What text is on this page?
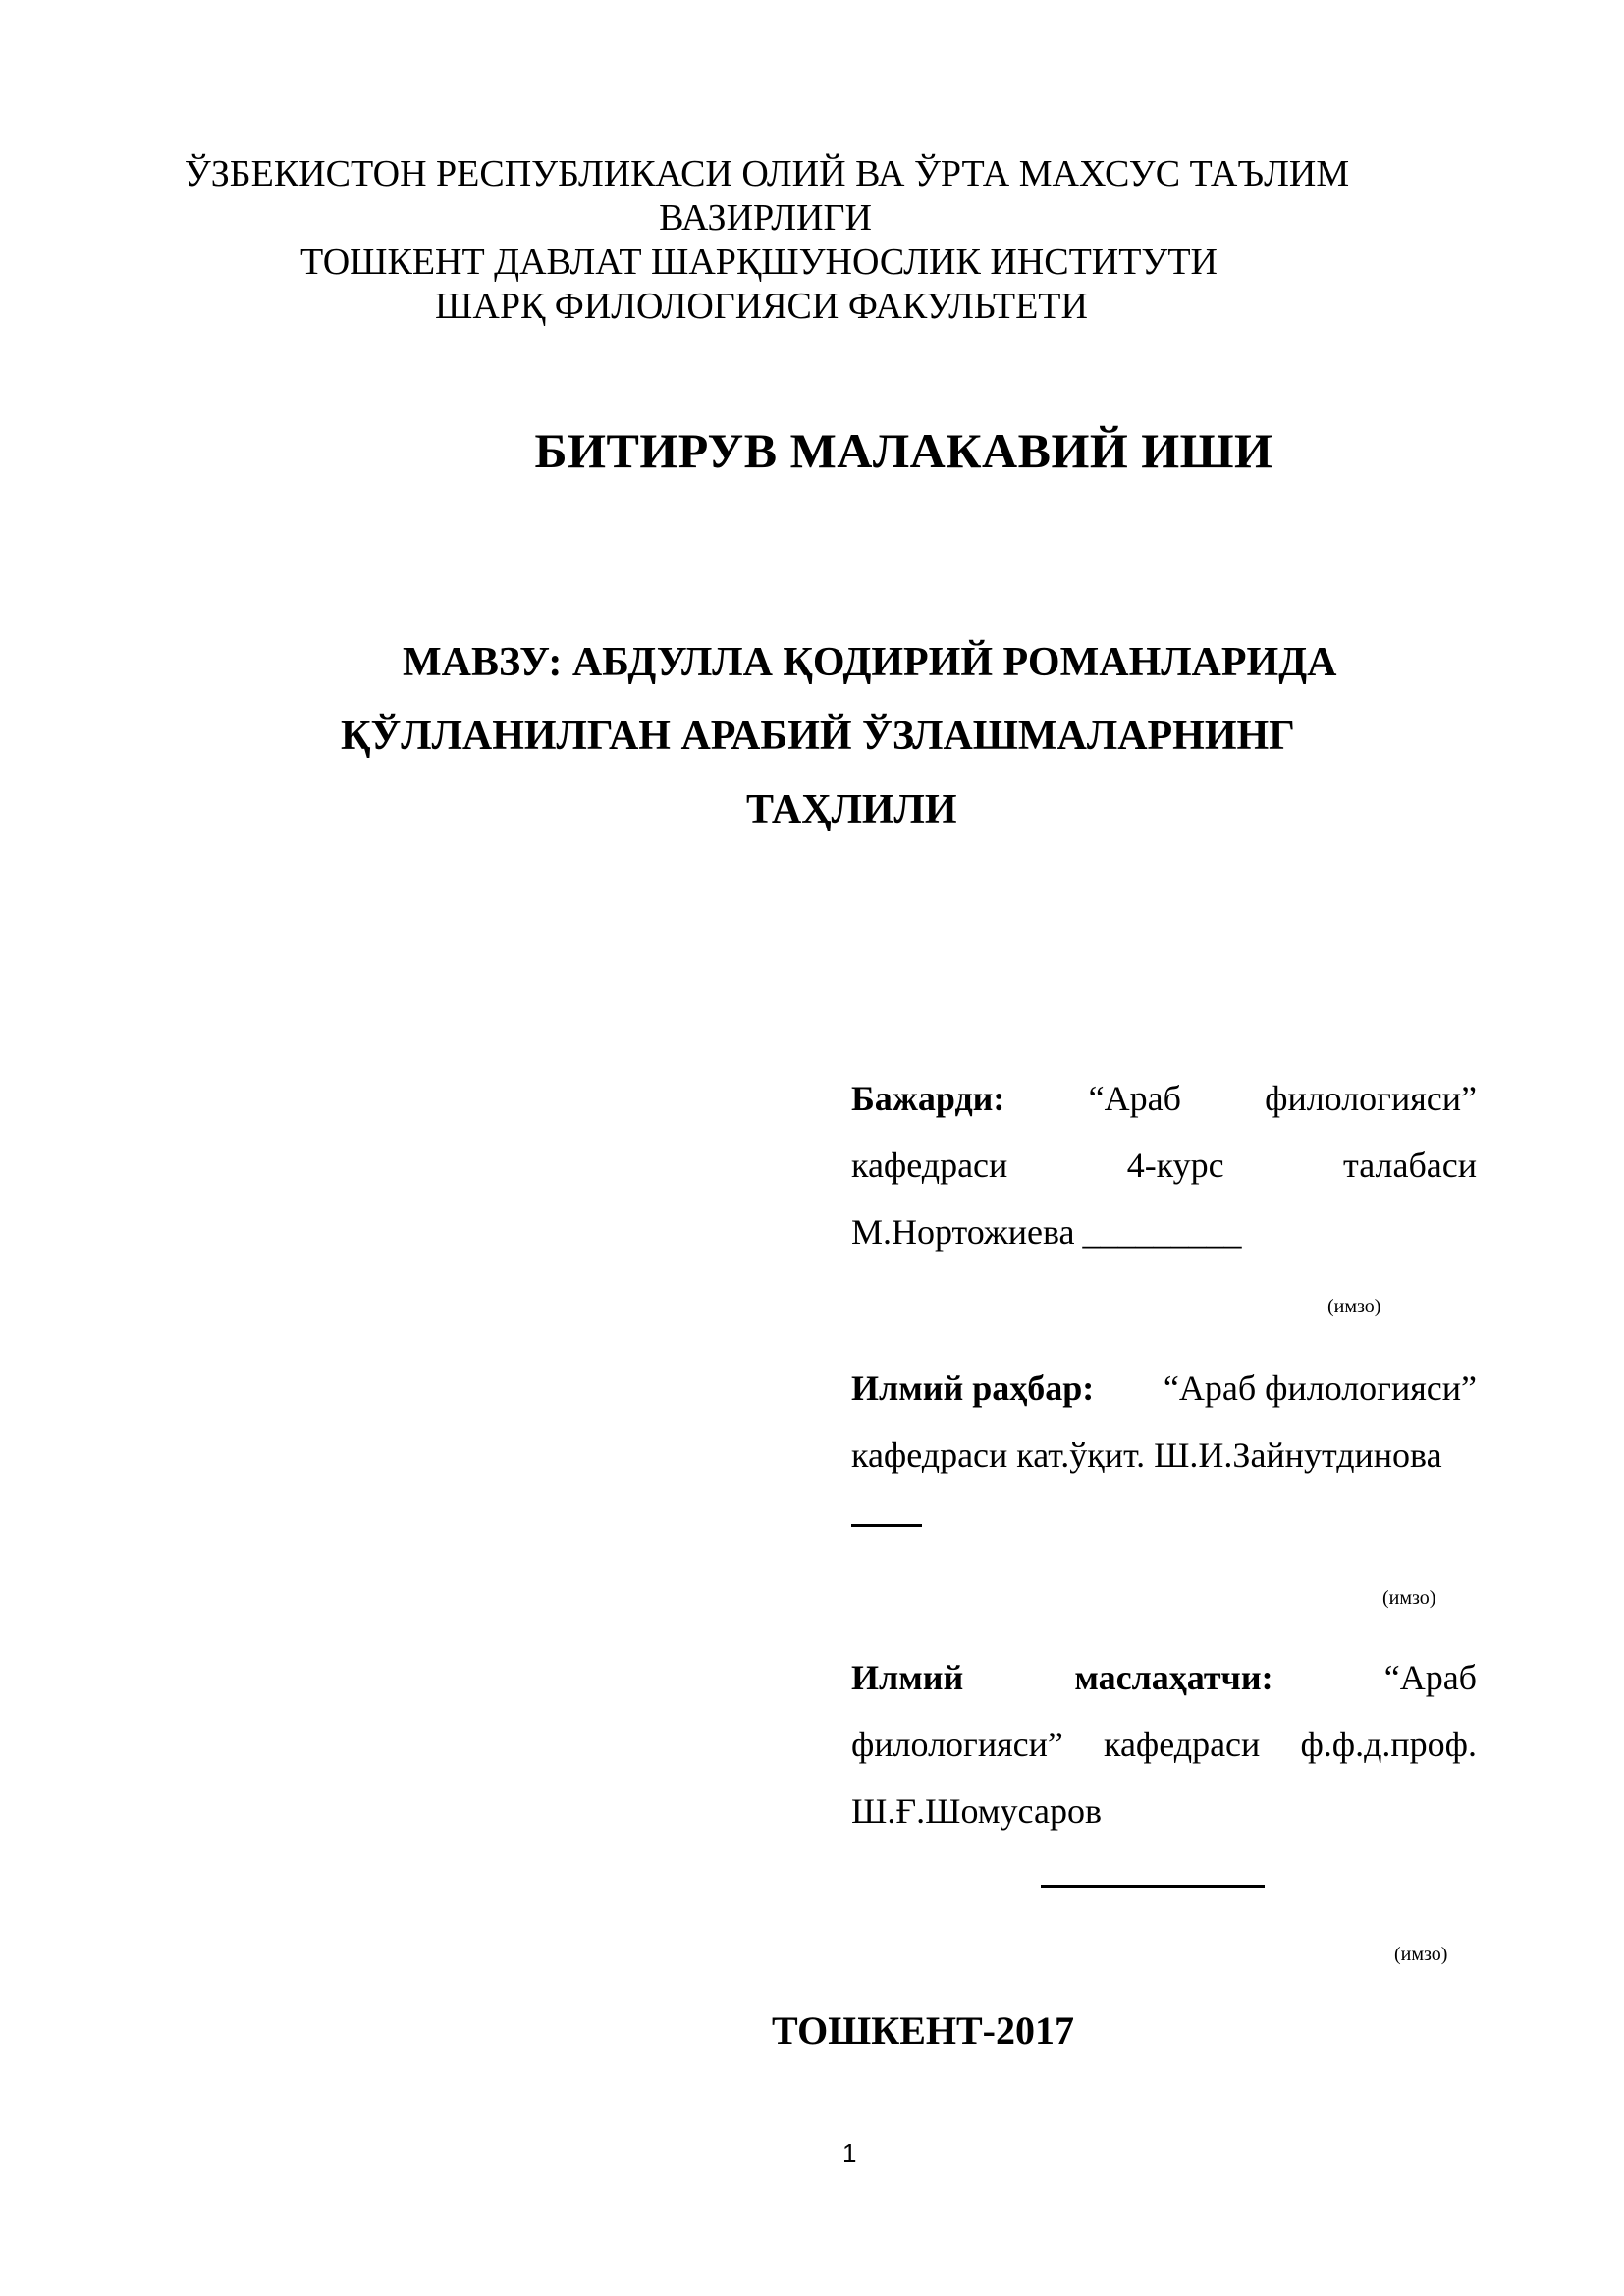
ЎЗБЕКИСТОН РЕСПУБЛИКАСИ ОЛИЙ ВА ЎРТА МАХСУС ТАЪЛИМ
ВАЗИРЛИГИ
ТОШКЕНТ ДАВЛАТ ШАРҚШУНОСЛИК ИНСТИТУТИ
ШАРҚ ФИЛОЛОГИЯСИ ФАКУЛЬТЕТИ
БИТИРУВ МАЛАКАВИЙ ИШИ
МАВЗУ: АБДУЛЛА ҚОДИРИЙ РОМАНЛАРИДА
ҚЎЛЛАНИЛГАН АРАБИЙ ЎЗЛАШМАЛАРНИНГ
ТАҲЛИЛИ
Бажарди: “Араб филологияси”
кафедраси	4-курс	талабаси
М.Нортожиева _________
(имзо)
Илмий раҳбар: “Араб филологияси”
кафедраси кат.ўқит. Ш.И.Зайнутдинова
(имзо)
Илмий	маслаҳатчи:	“Араб
филологияси” кафедраси ф.ф.д.проф.
Ш.Ғ.Шомусаров
(имзо)
ТОШКЕНТ-2017
1
